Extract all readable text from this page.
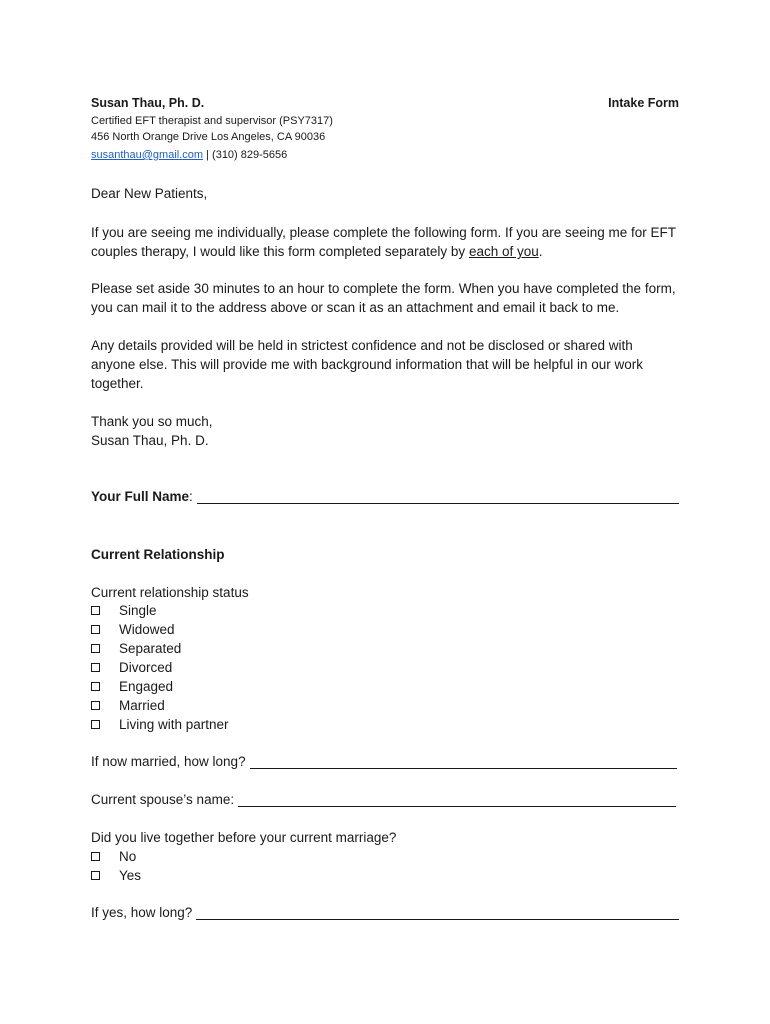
Susan Thau, Ph. D.	Intake Form
Certified EFT therapist and supervisor (PSY7317)
456 North Orange Drive Los Angeles, CA 90036
susanthau@gmail.com | (310) 829-5656
Dear New Patients,
If you are seeing me individually, please complete the following form. If you are seeing me for EFT couples therapy, I would like this form completed separately by each of you.
Please set aside 30 minutes to an hour to complete the form. When you have completed the form, you can mail it to the address above or scan it as an attachment and email it back to me.
Any details provided will be held in strictest confidence and not be disclosed or shared with anyone else. This will provide me with background information that will be helpful in our work together.
Thank you so much,
Susan Thau, Ph. D.
Your Full Name :
Current Relationship
Current relationship status
Single
Widowed
Separated
Divorced
Engaged
Married
Living with partner
If now married, how long?
Current spouse’s name:
Did you live together before your current marriage?
No
Yes
If yes, how long?
